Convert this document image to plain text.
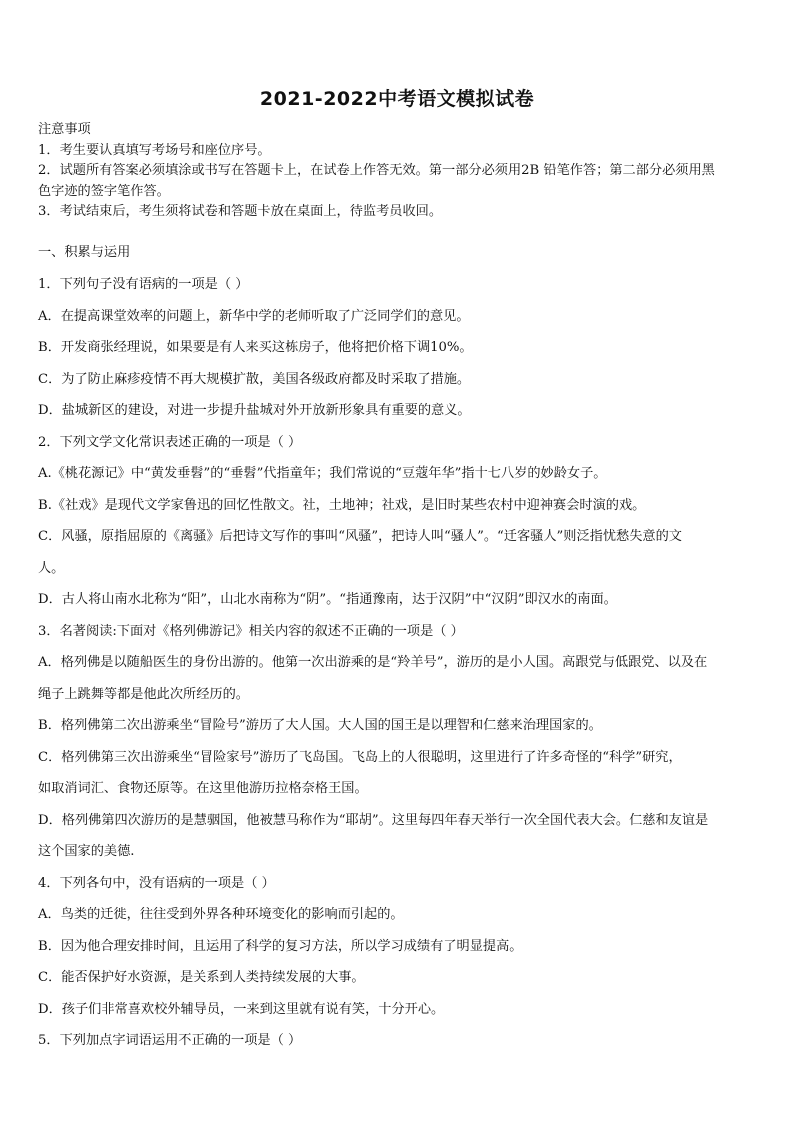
2021-2022中考语文模拟试卷

注意事项

1．考生要认真填写考场号和座位序号。

2．试题所有答案必须填涂或书写在答题卡上，在试卷上作答无效。第一部分必须用2B 铅笔作答；第二部分必须用黑

色字迹的签字笔作答。

3．考试结束后，考生须将试卷和答题卡放在桌面上，待监考员收回。

一、积累与运用

1．下列句子没有语病的一项是（ ）

A．在提高课堂效率的问题上，新华中学的老师听取了广泛同学们的意见。

B．开发商张经理说，如果要是有人来买这栋房子，他将把价格下调10%。

C．为了防止麻疹疫情不再大规模扩散，美国各级政府都及时采取了措施。

D．盐城新区的建设，对进一步提升盐城对外开放新形象具有重要的意义。

2．下列文学文化常识表述正确的一项是（ ）

A.《桃花源记》中“黄发垂髫”的“垂髫”代指童年；我们常说的“豆蔻年华”指十七八岁的妙龄女子。

B.《社戏》是现代文学家鲁迅的回忆性散文。社，土地神；社戏，是旧时某些农村中迎神赛会时演的戏。

C．风骚，原指屈原的《离骚》后把诗文写作的事叫“风骚”，把诗人叫“骚人”。“迁客骚人”则泛指忧愁失意的文

人。

D．古人将山南水北称为“阳”，山北水南称为“阴”。“指通豫南，达于汉阴”中“汉阴”即汉水的南面。

3．名著阅读:下面对《格列佛游记》相关内容的叙述不正确的一项是（ ）

A．格列佛是以随船医生的身份出游的。他第一次出游乘的是“羚羊号”，游历的是小人国。高跟党与低跟党、以及在

绳子上跳舞等都是他此次所经历的。

B．格列佛第二次出游乘坐“冒险号”游历了大人国。大人国的国王是以理智和仁慈来治理国家的。

C．格列佛第三次出游乘坐“冒险家号”游历了飞岛国。飞岛上的人很聪明，这里进行了许多奇怪的“科学”研究，

如取消词汇、食物还原等。在这里他游历拉格奈格王国。

D．格列佛第四次游历的是慧骃国，他被慧马称作为“耶胡”。这里每四年春天举行一次全国代表大会。仁慈和友谊是

这个国家的美德.

4．下列各句中，没有语病的一项是（ ）

A．鸟类的迁徙，往往受到外界各种环境变化的影响而引起的。

B．因为他合理安排时间，且运用了科学的复习方法，所以学习成绩有了明显提高。

C．能否保护好水资源，是关系到人类持续发展的大事。

D．孩子们非常喜欢校外辅导员，一来到这里就有说有笑，十分开心。

5．下列加点字词语运用不正确的一项是（ ）
